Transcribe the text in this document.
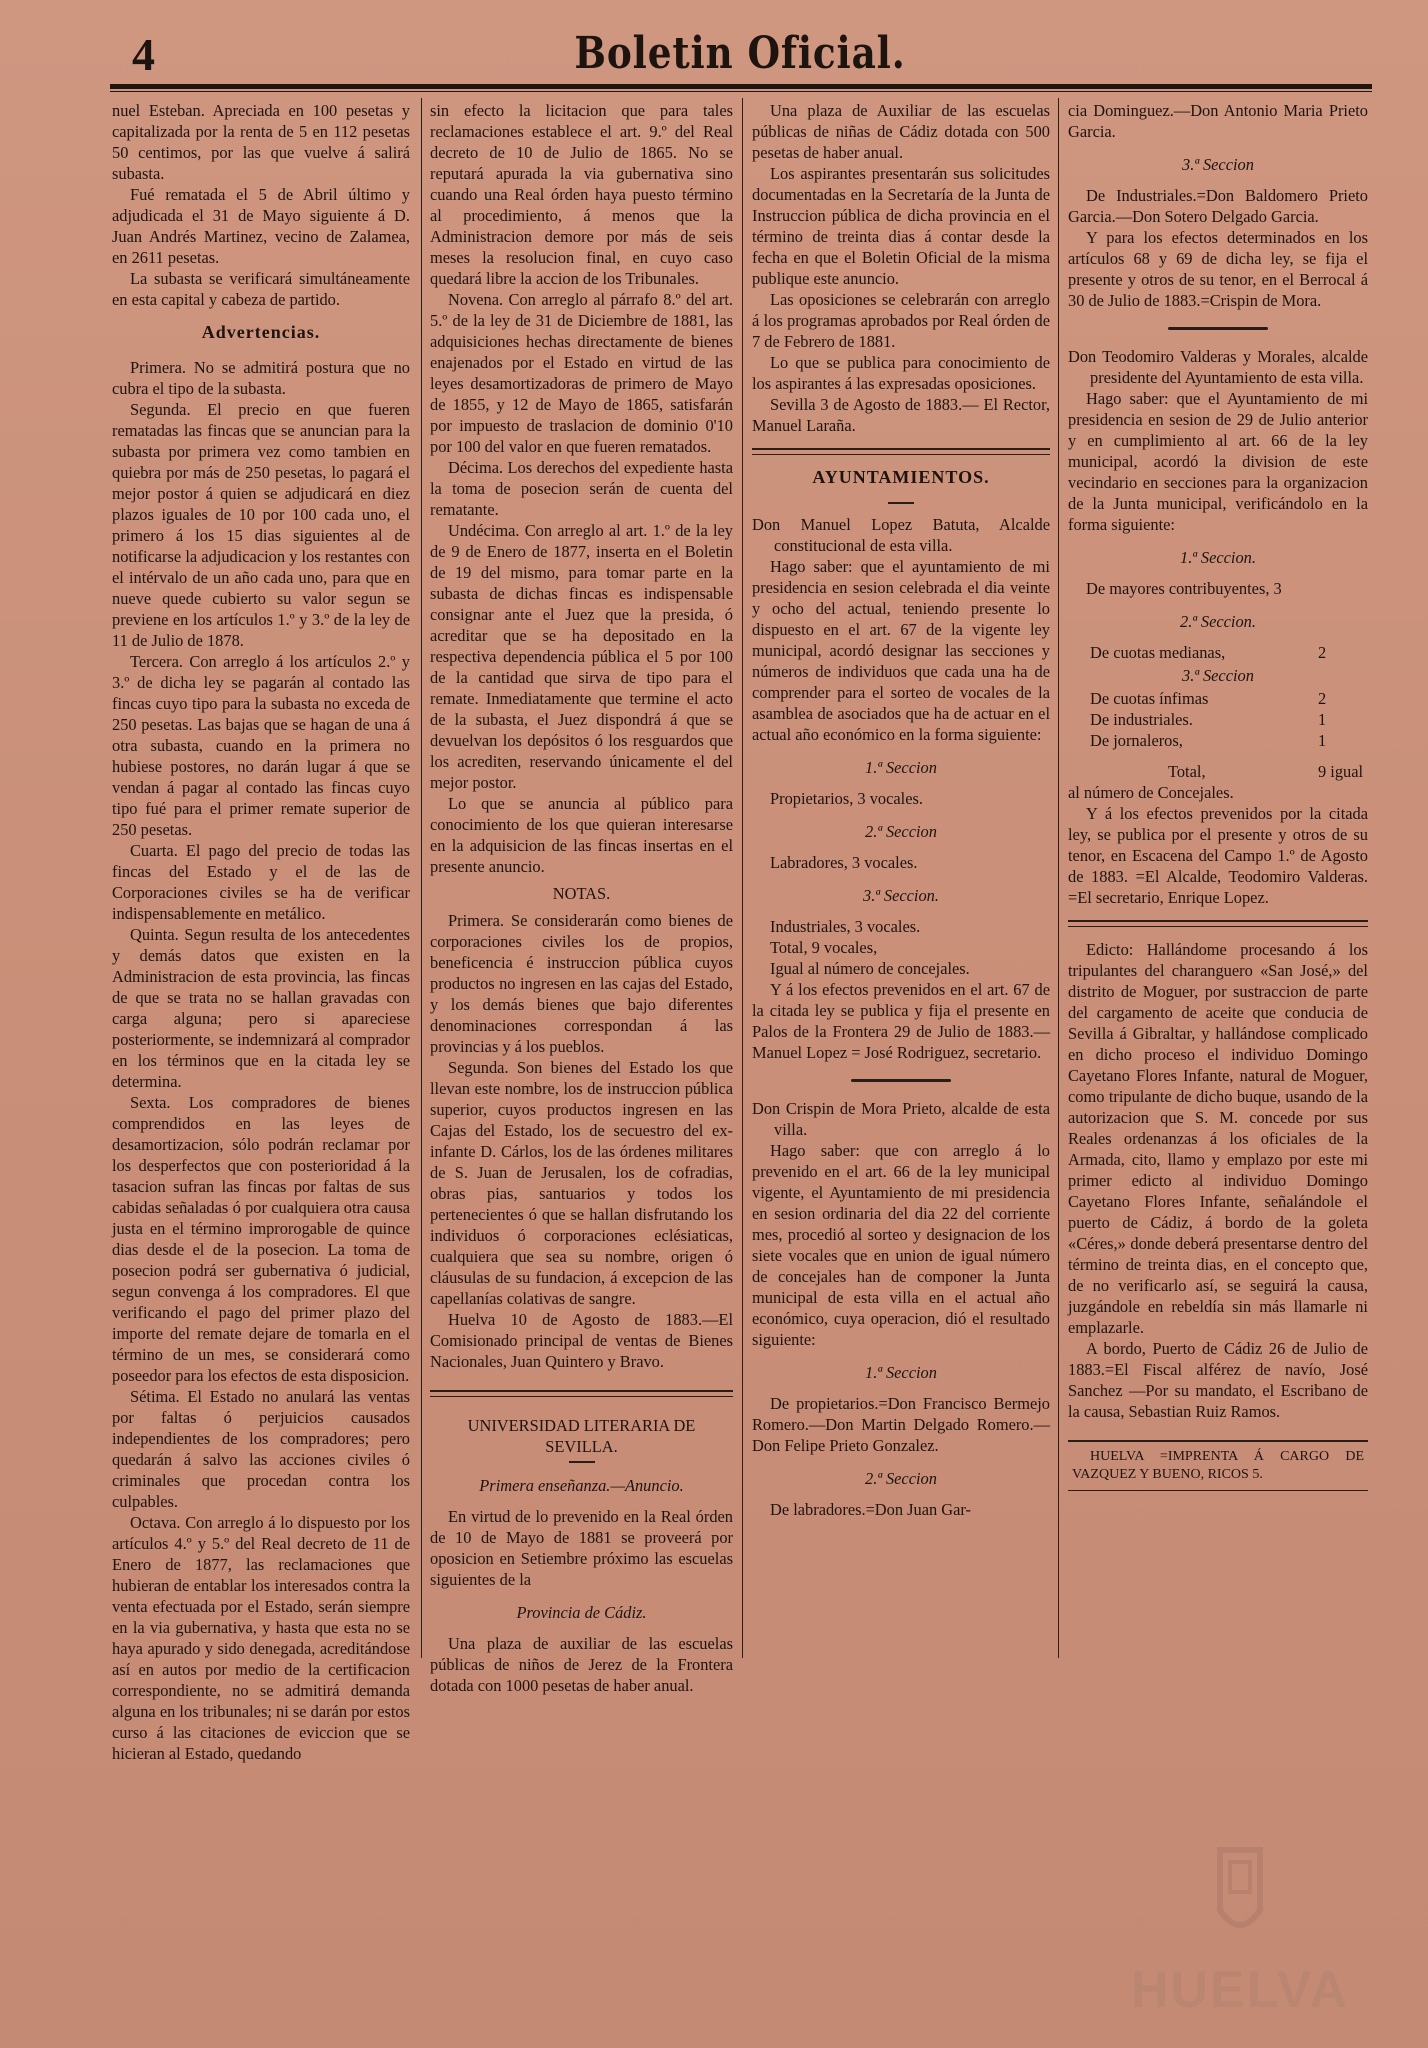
4	Boletin Oficial.

nuel Esteban. Apreciada en 100 pesetas y capitalizada por la renta de 5 en 112 pesetas 50 centimos, por las que vuelve á salirá subasta.

Fué rematada el 5 de Abril último y adjudicada el 31 de Mayo siguiente á D. Juan Andrés Martinez, vecino de Zalamea, en 2611 pesetas.

La subasta se verificará simultáneamente en esta capital y cabeza de partido.

Advertencias.

Primera. No se admitirá postura que no cubra el tipo de la subasta.

Segunda. El precio en que fueren rematadas las fincas que se anuncian para la subasta por primera vez como tambien en quiebra por más de 250 pesetas, lo pagará el mejor postor á quien se adjudicará en diez plazos iguales de 10 por 100 cada uno, el primero á los 15 dias siguientes al de notificarse la adjudicacion y los restantes con el intérvalo de un año cada uno, para que en nueve quede cubierto su valor segun se previene en los artículos 1.º y 3.º de la ley de 11 de Julio de 1878.

Tercera. Con arreglo á los artículos 2.º y 3.º de dicha ley se pagarán al contado las fincas cuyo tipo para la subasta no exceda de 250 pesetas. Las bajas que se hagan de una á otra subasta, cuando en la primera no hubiese postores, no darán lugar á que se vendan á pagar al contado las fincas cuyo tipo fué para el primer remate superior de 250 pesetas.

Cuarta. El pago del precio de todas las fincas del Estado y el de las de Corporaciones civiles se ha de verificar indispensablemente en metálico.

Quinta. Segun resulta de los antecedentes y demás datos que existen en la Administracion de esta provincia, las fincas de que se trata no se hallan gravadas con carga alguna; pero si apareciese posteriormente, se indemnizará al comprador en los términos que en la citada ley se determina.

Sexta. Los compradores de bienes comprendidos en las leyes de desamortizacion, sólo podrán reclamar por los desperfectos que con posterioridad á la tasacion sufran las fincas por faltas de sus cabidas señaladas ó por cualquiera otra causa justa en el término improrogable de quince dias desde el de la posecion. La toma de posecion podrá ser gubernativa ó judicial, segun convenga á los compradores. El que verificando el pago del primer plazo del importe del remate dejare de tomarla en el término de un mes, se considerará como poseedor para los efectos de esta disposicion.

Sétima. El Estado no anulará las ventas por faltas ó perjuicios causados independientes de los compradores; pero quedarán á salvo las acciones civiles ó criminales que procedan contra los culpables.

Octava. Con arreglo á lo dispuesto por los artículos 4.º y 5.º del Real decreto de 11 de Enero de 1877, las reclamaciones que hubieran de entablar los interesados contra la venta efectuada por el Estado, serán siempre en la via gubernativa, y hasta que esta no se haya apurado y sido denegada, acreditándose así en autos por medio de la certificacion correspondiente, no se admitirá demanda alguna en los tribunales; ni se darán por estos curso á las citaciones de eviccion que se hicieran al Estado, quedando

sin efecto la licitacion que para tales reclamaciones establece el art. 9.º del Real decreto de 10 de Julio de 1865. No se reputará apurada la via gubernativa sino cuando una Real órden haya puesto término al procedimiento, á menos que la Administracion demore por más de seis meses la resolucion final, en cuyo caso quedará libre la accion de los Tribunales.

Novena. Con arreglo al párrafo 8.º del art. 5.º de la ley de 31 de Diciembre de 1881, las adquisiciones hechas directamente de bienes enajenados por el Estado en virtud de las leyes desamortizadoras de primero de Mayo de 1855, y 12 de Mayo de 1865, satisfarán por impuesto de traslacion de dominio 0'10 por 100 del valor en que fueren rematados.

Décima. Los derechos del expediente hasta la toma de posecion serán de cuenta del rematante.

Undécima. Con arreglo al art. 1.º de la ley de 9 de Enero de 1877, inserta en el Boletin de 19 del mismo, para tomar parte en la subasta de dichas fincas es indispensable consignar ante el Juez que la presida, ó acreditar que se ha depositado en la respectiva dependencia pública el 5 por 100 de la cantidad que sirva de tipo para el remate. Inmediatamente que termine el acto de la subasta, el Juez dispondrá á que se devuelvan los depósitos ó los resguardos que los acrediten, reservando únicamente el del mejor postor.

Lo que se anuncia al público para conocimiento de los que quieran interesarse en la adquisicion de las fincas insertas en el presente anuncio.

NOTAS.

Primera. Se considerarán como bienes de corporaciones civiles los de propios, beneficencia é instruccion pública cuyos productos no ingresen en las cajas del Estado, y los demás bienes que bajo diferentes denominaciones correspondan á las provincias y á los pueblos.

Segunda. Son bienes del Estado los que llevan este nombre, los de instruccion pública superior, cuyos productos ingresen en las Cajas del Estado, los de secuestro del ex-infante D. Cárlos, los de las órdenes militares de S. Juan de Jerusalen, los de cofradias, obras pias, santuarios y todos los pertenecientes ó que se hallan disfrutando los individuos ó corporaciones eclésiaticas, cualquiera que sea su nombre, origen ó cláusulas de su fundacion, á excepcion de las capellanías colativas de sangre.

Huelva 10 de Agosto de 1883.—El Comisionado principal de ventas de Bienes Nacionales, Juan Quintero y Bravo.

UNIVERSIDAD LITERARIA DE

SEVILLA.

Primera enseñanza.—Anuncio.

En virtud de lo prevenido en la Real órden de 10 de Mayo de 1881 se proveerá por oposicion en Setiembre próximo las escuelas siguientes de la

Provincia de Cádiz.

Una plaza de auxiliar de las escuelas públicas de niños de Jerez de la Frontera dotada con 1000 pesetas de haber anual.

Una plaza de Auxiliar de las escuelas públicas de niñas de Cádiz dotada con 500 pesetas de haber anual.

Los aspirantes presentarán sus solicitudes documentadas en la Secretaría de la Junta de Instruccion pública de dicha provincia en el término de treinta dias á contar desde la fecha en que el Boletin Oficial de la misma publique este anuncio.

Las oposiciones se celebrarán con arreglo á los programas aprobados por Real órden de 7 de Febrero de 1881.

Lo que se publica para conocimiento de los aspirantes á las expresadas oposiciones.

Sevilla 3 de Agosto de 1883.— El Rector, Manuel Laraña.

AYUNTAMIENTOS.

Don Manuel Lopez Batuta, Alcalde constitucional de esta villa.

Hago saber: que el ayuntamiento de mi presidencia en sesion celebrada el dia veinte y ocho del actual, teniendo presente lo dispuesto en el art. 67 de la vigente ley municipal, acordó designar las secciones y números de individuos que cada una ha de comprender para el sorteo de vocales de la asamblea de asociados que ha de actuar en el actual año económico en la forma siguiente:

1.ª Seccion

Propietarios, 3 vocales.

2.ª Seccion

Labradores, 3 vocales.

3.ª Seccion.

Industriales, 3 vocales.

Total, 9 vocales,

Igual al número de concejales.

Y á los efectos prevenidos en el art. 67 de la citada ley se publica y fija el presente en Palos de la Frontera 29 de Julio de 1883.— Manuel Lopez = José Rodriguez, secretario.

Don Crispin de Mora Prieto, alcalde de esta villa.

Hago saber: que con arreglo á lo prevenido en el art. 66 de la ley municipal vigente, el Ayuntamiento de mi presidencia en sesion ordinaria del dia 22 del corriente mes, procedió al sorteo y designacion de los siete vocales que en union de igual número de concejales han de componer la Junta municipal de esta villa en el actual año económico, cuya operacion, dió el resultado siguiente:

1.ª Seccion

De propietarios.=Don Francisco Bermejo Romero.—Don Martin Delgado Romero.—Don Felipe Prieto Gonzalez.

2.ª Seccion

De labradores.=Don Juan Gar-

cia Dominguez.—Don Antonio Maria Prieto Garcia.

3.ª Seccion

De Industriales.=Don Baldomero Prieto Garcia.—Don Sotero Delgado Garcia.

Y para los efectos determinados en los artículos 68 y 69 de dicha ley, se fija el presente y otros de su tenor, en el Berrocal á 30 de Julio de 1883.=Crispin de Mora.

Don Teodomiro Valderas y Morales, alcalde presidente del Ayuntamiento de esta villa.

Hago saber: que el Ayuntamiento de mi presidencia en sesion de 29 de Julio anterior y en cumplimiento al art. 66 de la ley municipal, acordó la division de este vecindario en secciones para la organizacion de la Junta municipal, verificándolo en la forma siguiente:

1.ª Seccion.

De mayores contribuyentes, 3

2.ª Seccion.

De cuotas medianas,	2

3.ª Seccion

De cuotas ínfimas	2
De industriales.	1
De jornaleros,	1
Total,	9 igual

al número de Concejales.

Y á los efectos prevenidos por la citada ley, se publica por el presente y otros de su tenor, en Escacena del Campo 1.º de Agosto de 1883. =El Alcalde, Teodomiro Valderas. =El secretario, Enrique Lopez.

Edicto: Hallándome procesando á los tripulantes del charanguero «San José,» del distrito de Moguer, por sustraccion de parte del cargamento de aceite que conducia de Sevilla á Gibraltar, y hallándose complicado en dicho proceso el individuo Domingo Cayetano Flores Infante, natural de Moguer, como tripulante de dicho buque, usando de la autorizacion que S. M. concede por sus Reales ordenanzas á los oficiales de la Armada, cito, llamo y emplazo por este mi primer edicto al individuo Domingo Cayetano Flores Infante, señalándole el puerto de Cádiz, á bordo de la goleta «Céres,» donde deberá presentarse dentro del término de treinta dias, en el concepto que, de no verificarlo así, se seguirá la causa, juzgándole en rebeldía sin más llamarle ni emplazarle.

A bordo, Puerto de Cádiz 26 de Julio de 1883.=El Fiscal alférez de navío, José Sanchez —Por su mandato, el Escribano de la causa, Sebastian Ruiz Ramos.

HUELVA =IMPRENTA Á CARGO DE VAZQUEZ Y BUENO, RICOS 5.

HUELVA
